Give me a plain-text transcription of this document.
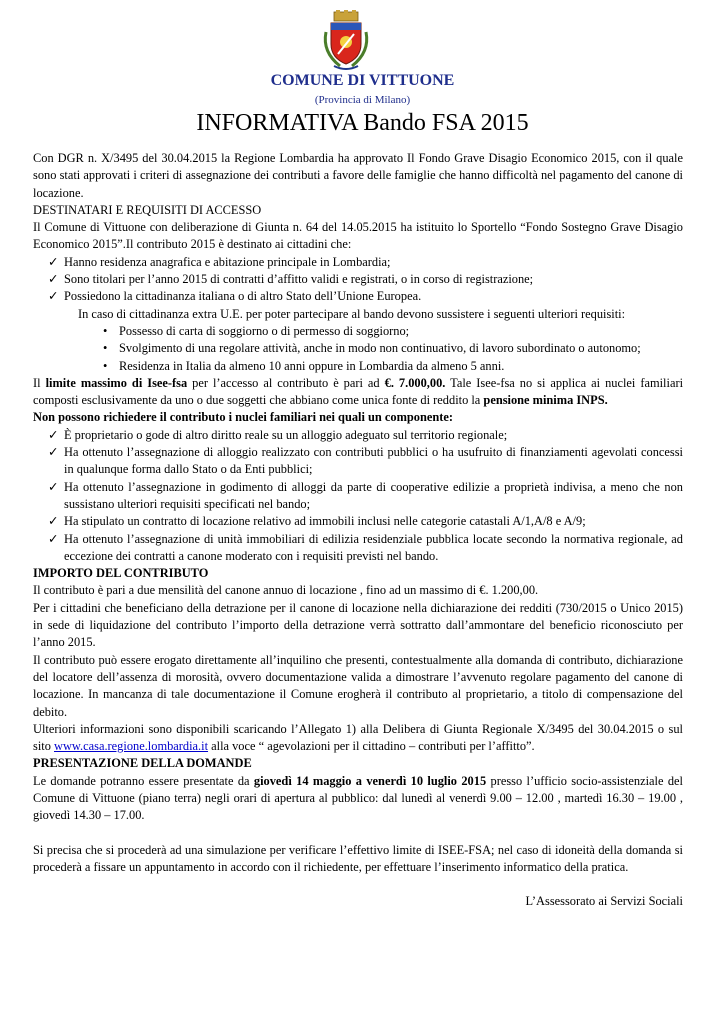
COMUNE DI VITTUONE
(Provincia di Milano)
INFORMATIVA Bando FSA 2015

Con DGR n. X/3495 del 30.04.2015 la Regione Lombardia ha approvato Il Fondo Grave Disagio Economico 2015, con il quale sono stati approvati i criteri di assegnazione dei contributi a favore delle famiglie che hanno difficoltà nel pagamento del canone di locazione.

DESTINATARI E REQUISITI DI ACCESSO

Il Comune di Vittuone con deliberazione di Giunta n. 64 del 14.05.2015 ha istituito lo Sportello “Fondo Sostegno Grave Disagio Economico 2015”.Il contributo 2015 è destinato ai cittadini che:

✓ Hanno residenza anagrafica e abitazione principale in Lombardia;
✓ Sono titolari per l’anno 2015 di contratti d’affitto validi e registrati, o in corso di registrazione;
✓ Possiedono la cittadinanza italiana o di altro Stato dell’Unione Europea.

In caso di cittadinanza extra U.E. per poter partecipare al bando devono sussistere i seguenti ulteriori requisiti:

• Possesso di carta di soggiorno o di permesso di soggiorno;
• Svolgimento di una regolare attività, anche in modo non continuativo, di lavoro subordinato o autonomo;
• Residenza in Italia da almeno 10 anni oppure in Lombardia da almeno 5 anni.

Il limite massimo di Isee-fsa per l’accesso al contributo è pari ad €. 7.000,00. Tale Isee-fsa no si applica ai nuclei familiari composti esclusivamente da uno o due soggetti che abbiano come unica fonte di reddito la pensione minima INPS.

Non possono richiedere il contributo i nuclei familiari nei quali un componente:

✓ È proprietario o gode di altro diritto reale su un alloggio adeguato sul territorio regionale;
✓ Ha ottenuto l’assegnazione di alloggio realizzato con contributi pubblici o ha usufruito di finanziamenti agevolati concessi in qualunque forma dallo Stato o da Enti pubblici;
✓ Ha ottenuto l’assegnazione in godimento di alloggi da parte di cooperative edilizie a proprietà indivisa, a meno che non sussistano ulteriori requisiti specificati nel bando;
✓ Ha stipulato un contratto di locazione relativo ad immobili inclusi nelle categorie catastali A/1,A/8 e A/9;
✓ Ha ottenuto l’assegnazione di unità immobiliari di edilizia residenziale pubblica locate secondo la normativa regionale, ad eccezione dei contratti a canone moderato con i requisiti previsti nel bando.

IMPORTO DEL CONTRIBUTO

Il contributo è pari a due mensilità del canone annuo di locazione , fino ad un massimo di €. 1.200,00.

Per i cittadini che beneficiano della detrazione per il canone di locazione nella dichiarazione dei redditi (730/2015 o Unico 2015) in sede di liquidazione del contributo l’importo della detrazione verrà sottratto dall’ammontare del beneficio riconosciuto per l’anno 2015.

Il contributo può essere erogato direttamente all’inquilino che presenti, contestualmente alla domanda di contributo, dichiarazione del locatore dell’assenza di morosità, ovvero documentazione valida a dimostrare l’avvenuto regolare pagamento del canone di locazione. In mancanza di tale documentazione il Comune erogherà il contributo al proprietario, a titolo di compensazione del debito.

Ulteriori informazioni sono disponibili scaricando l’Allegato 1) alla Delibera di Giunta Regionale X/3495 del 30.04.2015 o sul sito www.casa.regione.lombardia.it alla voce “ agevolazioni per il cittadino – contributi per l’affitto”.

PRESENTAZIONE DELLA DOMANDE

Le domande potranno essere presentate da giovedì 14 maggio a venerdì 10 luglio 2015 presso l’ufficio socio-assistenziale del Comune di Vittuone (piano terra) negli orari di apertura al pubblico: dal lunedì al venerdì 9.00 – 12.00 , martedì 16.30 – 19.00 , giovedì 14.30 – 17.00.

Si precisa che si procederà ad una simulazione per verificare l’effettivo limite di ISEE-FSA; nel caso di idoneità della domanda si procederà a fissare un appuntamento in accordo con il richiedente, per effettuare l’inserimento informatico della pratica.

L’Assessorato ai Servizi Sociali
